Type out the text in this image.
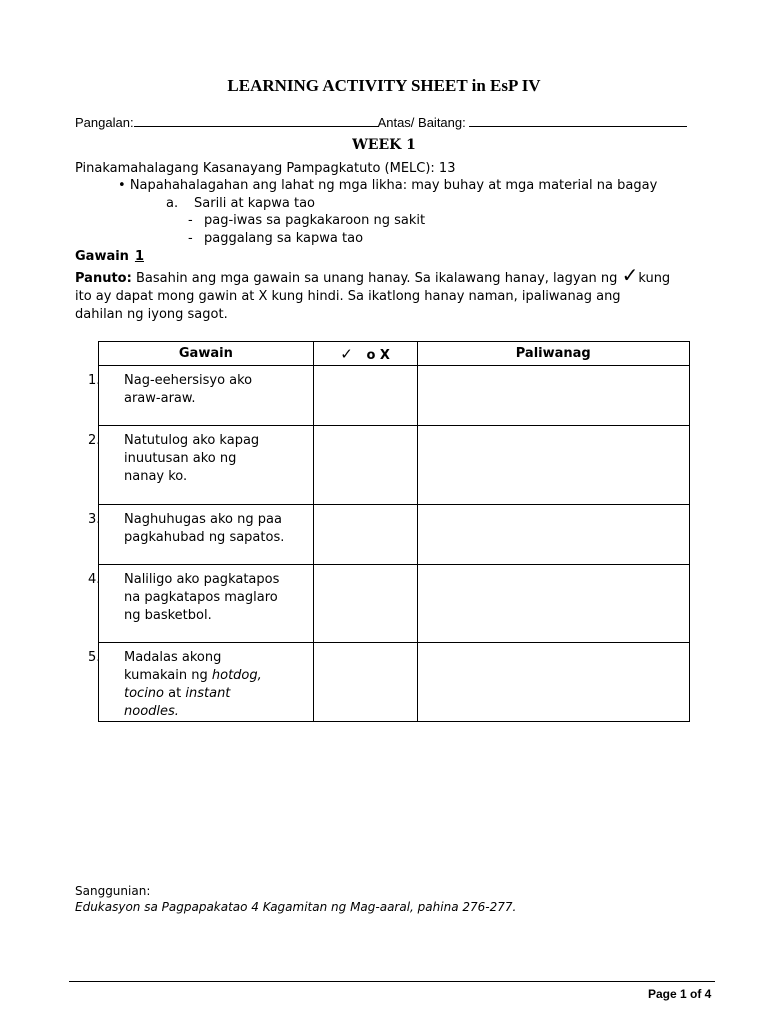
LEARNING ACTIVITY SHEET in EsP IV
Pangalan:	Antas/ Baitang:
WEEK 1
Pinakamahalagang Kasanayang Pampagkatuto (MELC): 13
• Napahahalagahan ang lahat ng mga likha: may buhay at mga material na bagay
a. Sarili at kapwa tao
- pag-iwas sa pagkakaroon ng sakit
- paggalang sa kapwa tao
Gawain 1
Panuto: Basahin ang mga gawain sa unang hanay. Sa ikalawang hanay, lagyan ng ✓kung
ito ay dapat mong gawin at X kung hindi. Sa ikatlong hanay naman, ipaliwanag ang
dahilan ng iyong sagot.
Gawain	✓ o X	Paliwanag

1. Nag-eehersisyo ako
araw-araw.		

2. Natutulog ako kapag
inuutusan ako ng
nanay ko.		

3. Naghuhugas ako ng paa
pagkahubad ng sapatos.		

4. Naliligo ako pagkatapos
na pagkatapos maglaro
ng basketbol.		

5. Madalas akong
kumakain ng hotdog,
tocino at instant
noodles.		

Sanggunian:
Edukasyon sa Pagpapakatao 4 Kagamitan ng Mag-aaral, pahina 276-277.
Page 1 of 4
